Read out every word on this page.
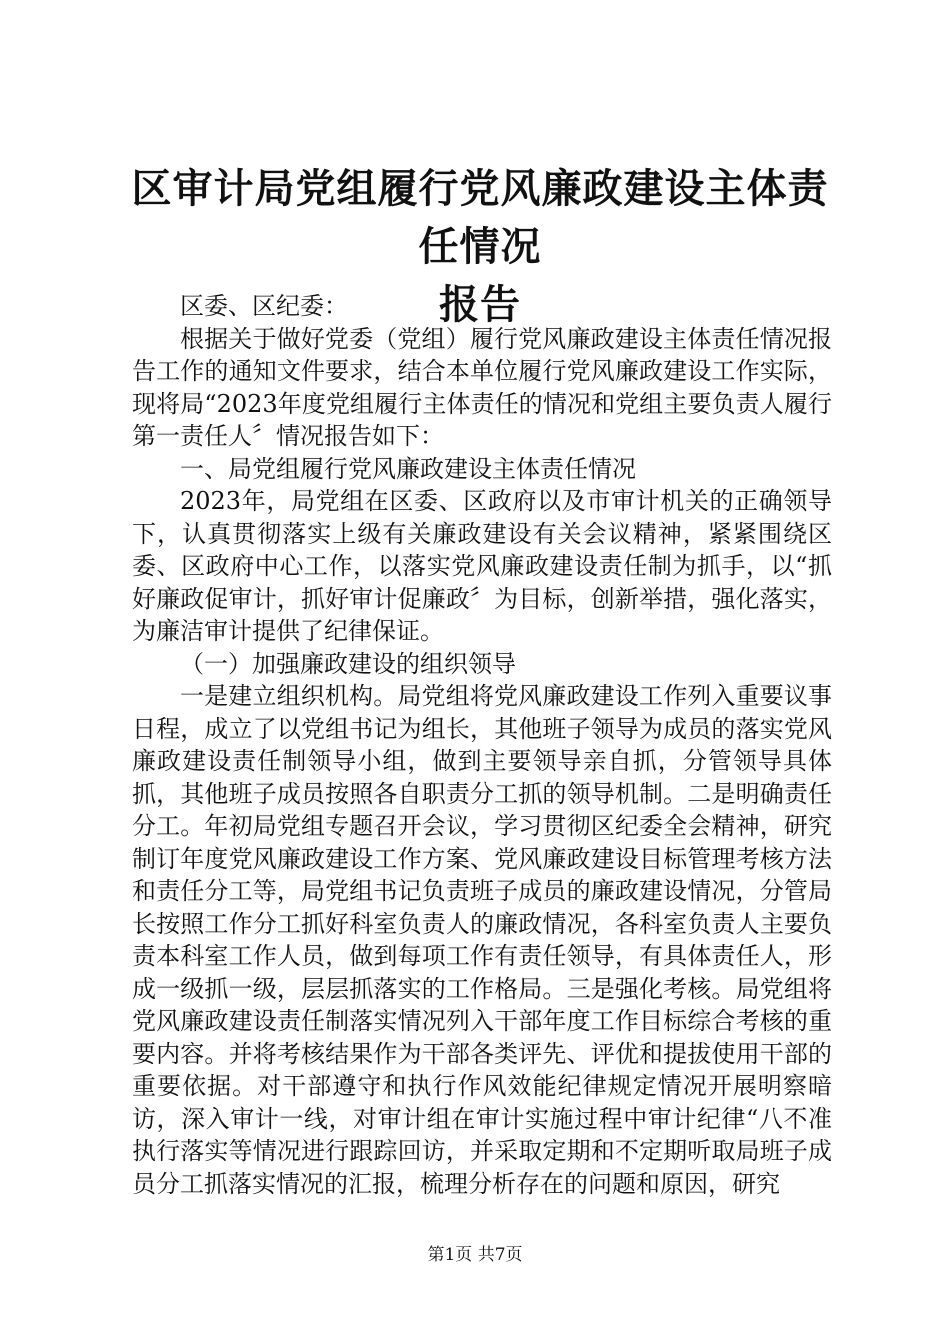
区审计局党组履行党风廉政建设主体责任情况
报告

区委、区纪委：

根据关于做好党委（党组）履行党风廉政建设主体责任情况报告工作的通知文件要求，结合本单位履行党风廉政建设工作实际，现将局“2023年度党组履行主体责任的情况和党组主要负责人履行第一责任人〞情况报告如下：

一、局党组履行党风廉政建设主体责任情况

2023年，局党组在区委、区政府以及市审计机关的正确领导下，认真贯彻落实上级有关廉政建设有关会议精神，紧紧围绕区委、区政府中心工作，以落实党风廉政建设责任制为抓手，以“抓好廉政促审计，抓好审计促廉政〞为目标，创新举措，强化落实，为廉洁审计提供了纪律保证。

（一）加强廉政建设的组织领导

一是建立组织机构。局党组将党风廉政建设工作列入重要议事日程，成立了以党组书记为组长，其他班子领导为成员的落实党风廉政建设责任制领导小组，做到主要领导亲自抓，分管领导具体抓，其他班子成员按照各自职责分工抓的领导机制。二是明确责任分工。年初局党组专题召开会议，学习贯彻区纪委全会精神，研究制订年度党风廉政建设工作方案、党风廉政建设目标管理考核方法和责任分工等，局党组书记负责班子成员的廉政建设情况，分管局长按照工作分工抓好科室负责人的廉政情况，各科室负责人主要负责本科室工作人员，做到每项工作有责任领导，有具体责任人，形成一级抓一级，层层抓落实的工作格局。三是强化考核。局党组将党风廉政建设责任制落实情况列入干部年度工作目标综合考核的重要内容。并将考核结果作为干部各类评先、评优和提拔使用干部的重要依据。对干部遵守和执行作风效能纪律规定情况开展明察暗访，深入审计一线，对审计组在审计实施过程中审计纪律“八不准执行落实等情况进行跟踪回访，并采取定期和不定期听取局班子成员分工抓落实情况的汇报，梳理分析存在的问题和原因，研究

第1页 共7页
